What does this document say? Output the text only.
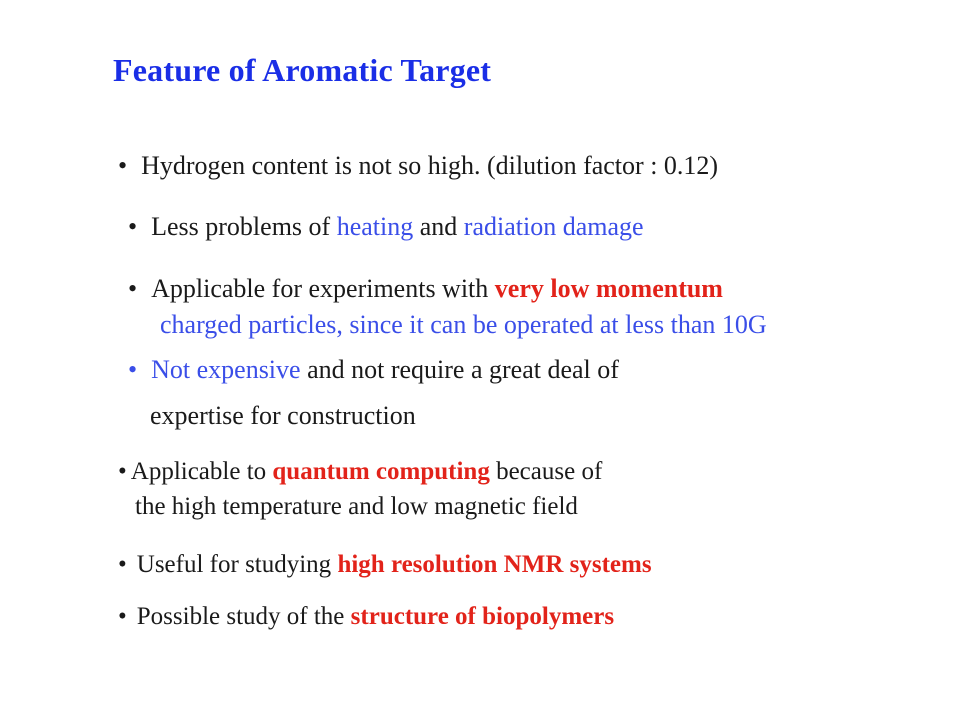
Feature of Aromatic Target
• Hydrogen content is not so high. (dilution factor : 0.12)
• Less problems of heating and radiation damage
• Applicable for experiments with very low momentum
charged particles, since it can be operated at less than 10G
• Not expensive and not require a great deal of
expertise for construction
• Applicable to quantum computing because of
the high temperature and low magnetic field
• Useful for studying high resolution NMR systems
• Possible study of the structure of biopolymers
